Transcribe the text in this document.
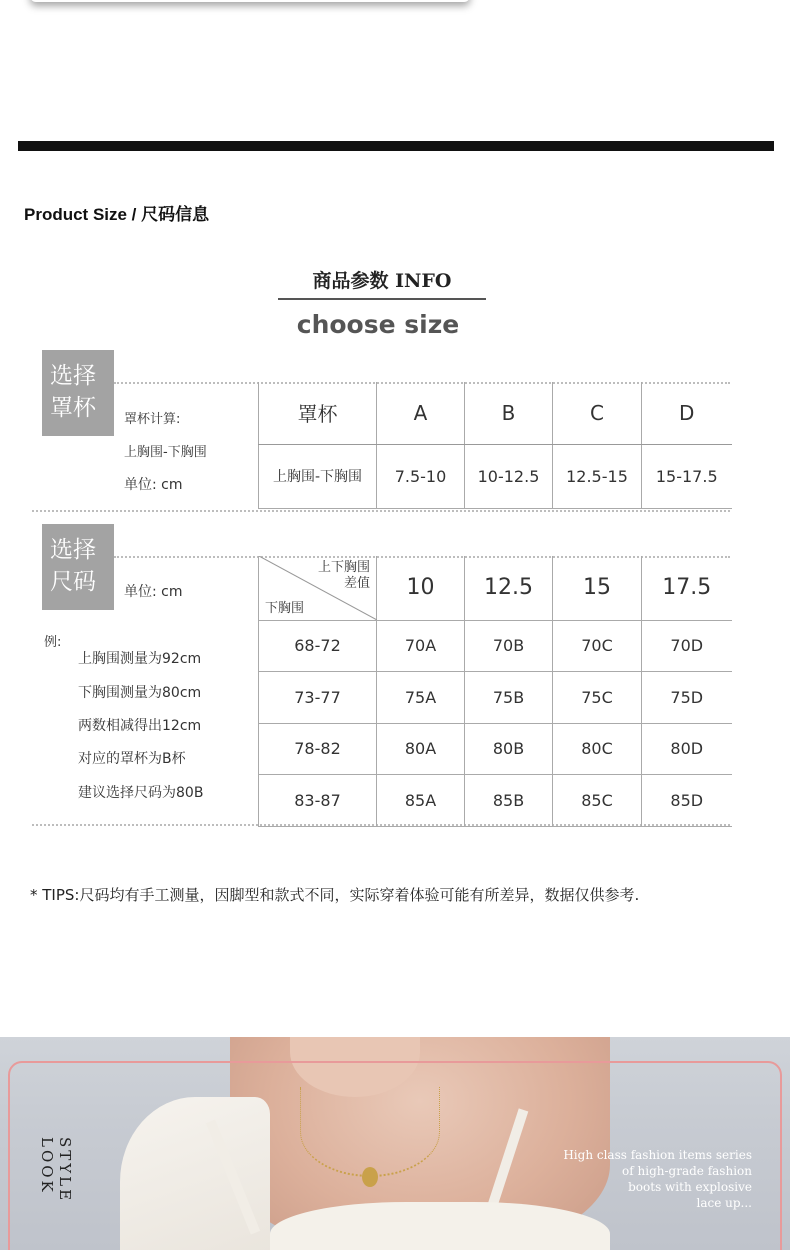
Product Size / 尺码信息
商品参数 INFO
choose size
选择
罩杯	罩杯计算:
上胸围-下胸围
单位: cm
罩杯	A	B	C	D
上胸围-下胸围	7.5-10	10-12.5	12.5-15	15-17.5
选择
尺码	单位: cm
例:
上胸围测量为92cm
下胸围测量为80cm
两数相减得出12cm
对应的罩杯为B杯
建议选择尺码为80B
上下胸围
差值
下胸围	10	12.5	15	17.5
68-72	70A	70B	70C	70D
73-77	75A	75B	75C	75D
78-82	80A	80B	80C	80D
83-87	85A	85B	85C	85D
* TIPS:尺码均有手工测量，因脚型和款式不同，实际穿着体验可能有所差异，数据仅供参考.
STYLE LOOK	High class fashion items series
of high-grade fashion
boots with explosive
lace up...
